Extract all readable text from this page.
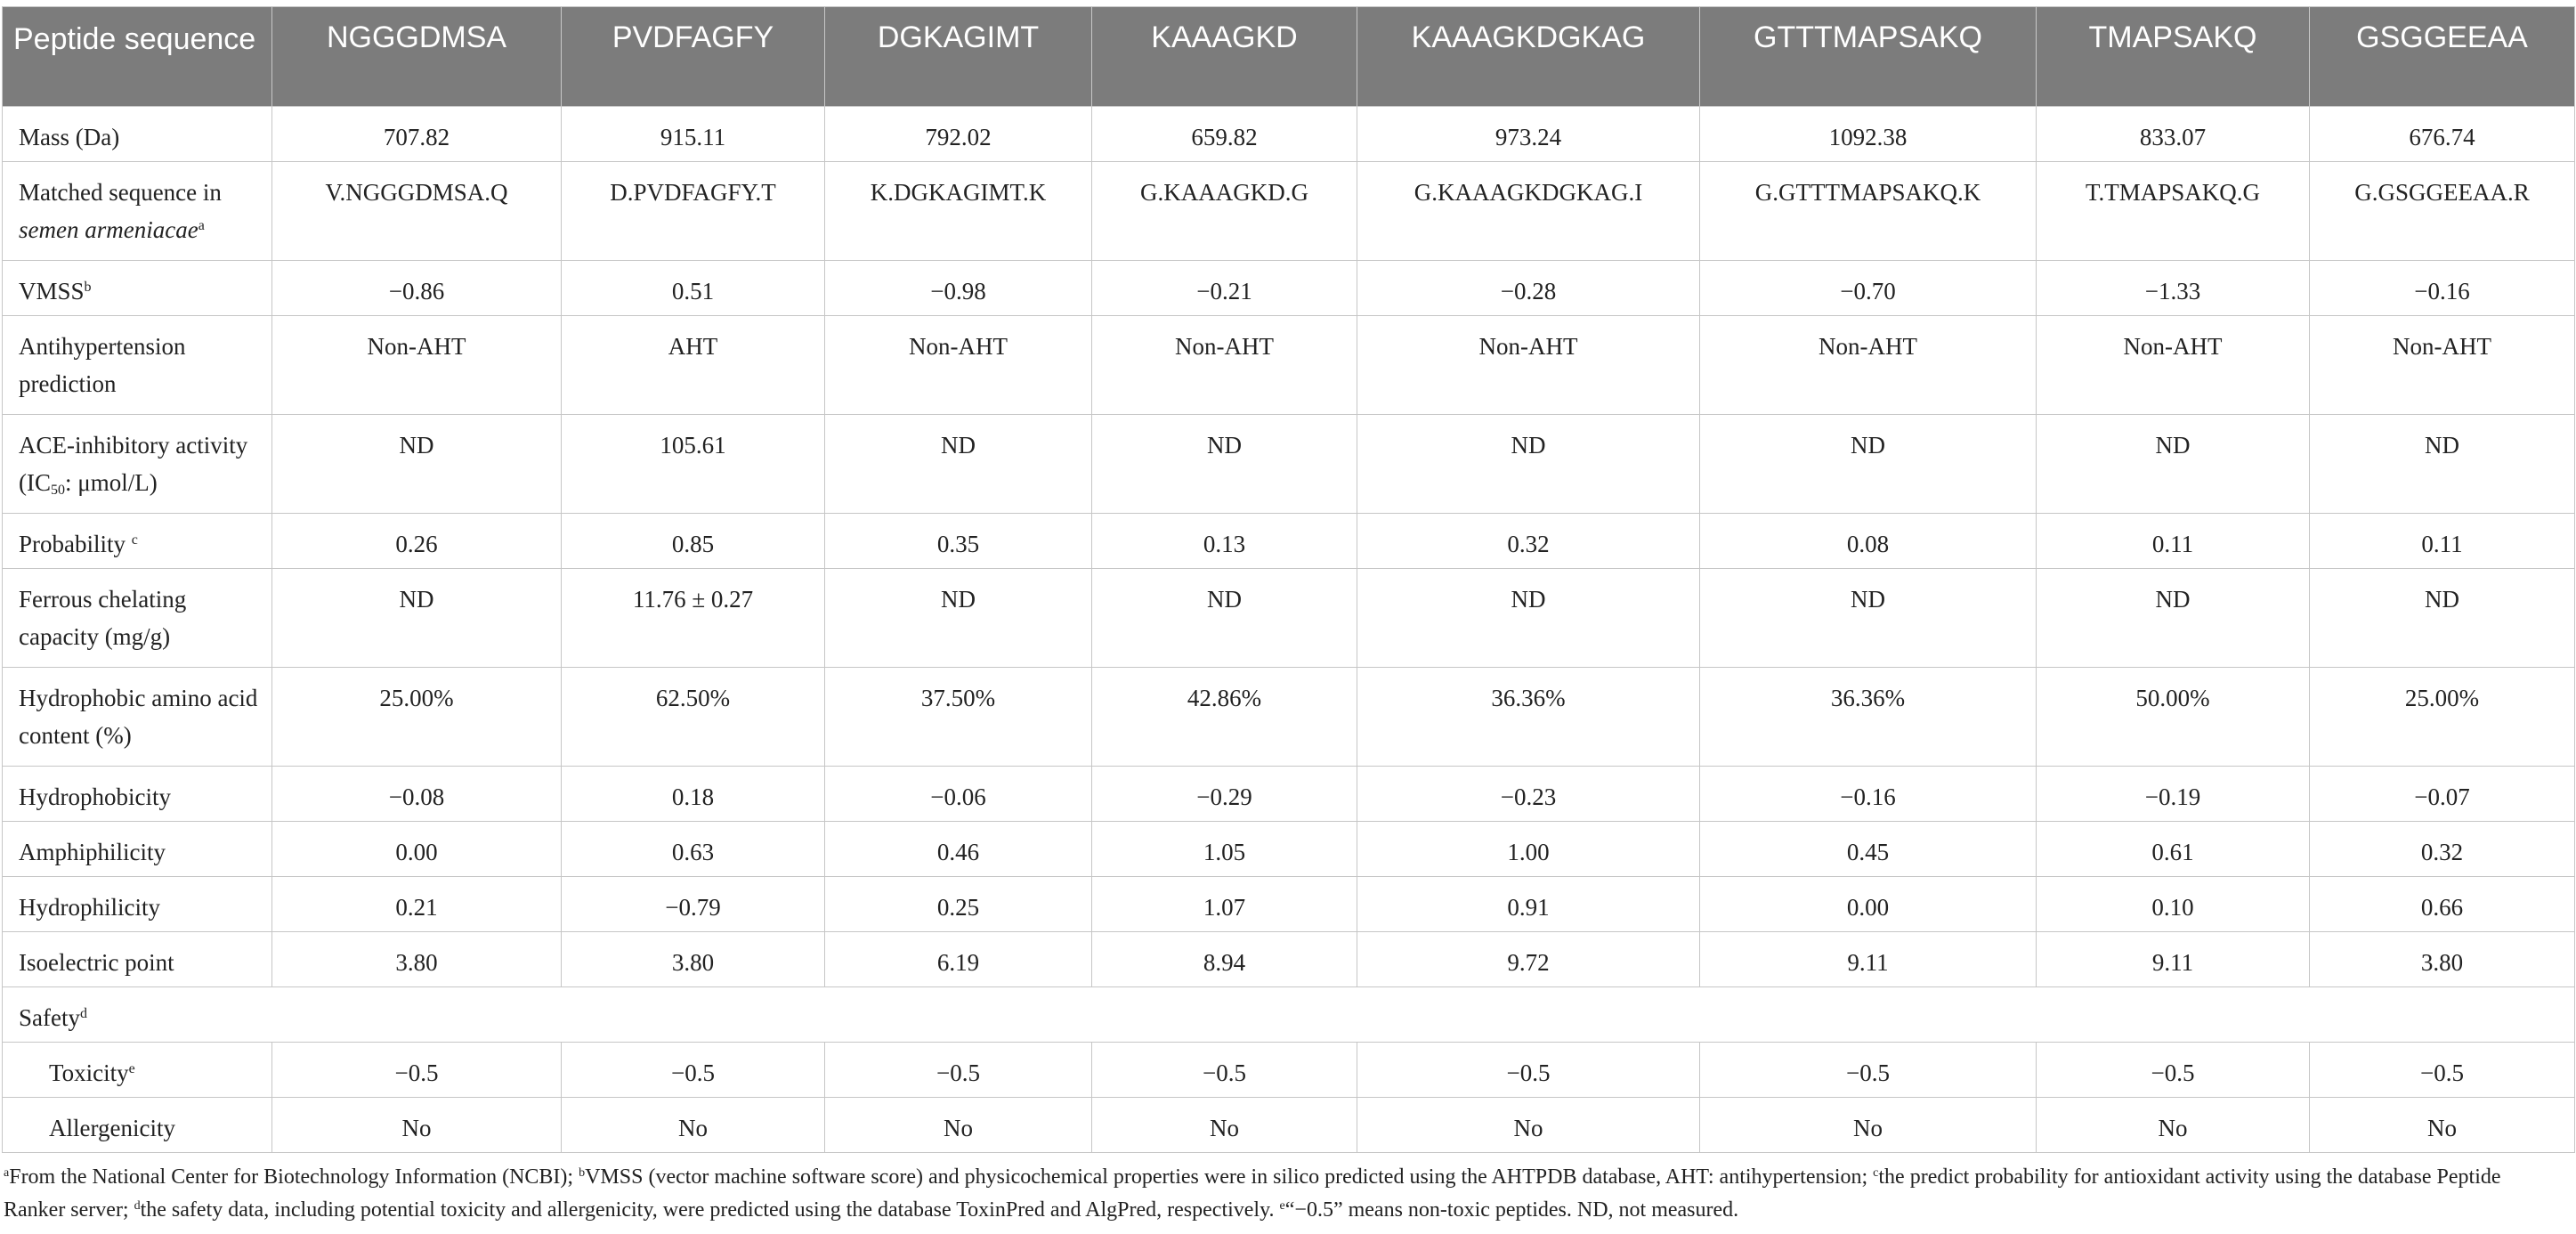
Peptide sequence	NGGGDMSA	PVDFAGFY	DGKAGIMT	KAAAGKD	KAAAGKDGKAG	GTTTMAPSAKQ	TMAPSAKQ	GSGGEEAA
Mass (Da)	707.82	915.11	792.02	659.82	973.24	1092.38	833.07	676.74
Matched sequence in
semen armeniacae$^a$	V.NGGGDMSA.Q	D.PVDFAGFY.T	K.DGKAGIMT.K	G.KAAAGKD.G	G.KAAAGKDGKAG.I	G.GTTTMAPSAKQ.K	T.TMAPSAKQ.G	G.GSGGEEAA.R
$VMSS^b$	−0.86	0.51	−0.98	−0.21	−0.28	−0.70	−1.33	−0.16
Antihypertension prediction	Non-AHT	AHT	Non-AHT	Non-AHT	Non-AHT	Non-AHT	Non-AHT	Non-AHT
ACE-inhibitory activity ($IC_{50}$: μmol/L)	ND	105.61	ND	ND	ND	ND	ND	ND
Probability $^c$	0.26	0.85	0.35	0.13	0.32	0.08	0.11	0.11
Ferrous chelating capacity (mg/g)	ND	11.76 ± 0.27	ND	ND	ND	ND	ND	ND
Hydrophobic amino acid content (%)	25.00%	62.50%	37.50%	42.86%	36.36%	36.36%	50.00%	25.00%
Hydrophobicity	−0.08	0.18	−0.06	−0.29	−0.23	−0.16	−0.19	−0.07
Amphiphilicity	0.00	0.63	0.46	1.05	1.00	0.45	0.61	0.32
Hydrophilicity	0.21	−0.79	0.25	1.07	0.91	0.00	0.10	0.66
Isoelectric point	3.80	3.80	6.19	8.94	9.72	9.11	9.11	3.80
Safety$^d$
Toxicity$^e$	−0.5	−0.5	−0.5	−0.5	−0.5	−0.5	−0.5	−0.5
Allergenicity	No	No	No	No	No	No	No	No
$^a$From the National Center for Biotechnology Information (NCBI); $^b$VMSS (vector machine software score) and physicochemical properties were in silico predicted using the AHTPDB database, AHT: antihypertension; $^c$the predict probability for antioxidant activity using the database Peptide Ranker server; $^d$the safety data, including potential toxicity and allergenicity, were predicted using the database ToxinPred and AlgPred, respectively. $^e$“−0.5” means non-toxic peptides. ND, not measured.
